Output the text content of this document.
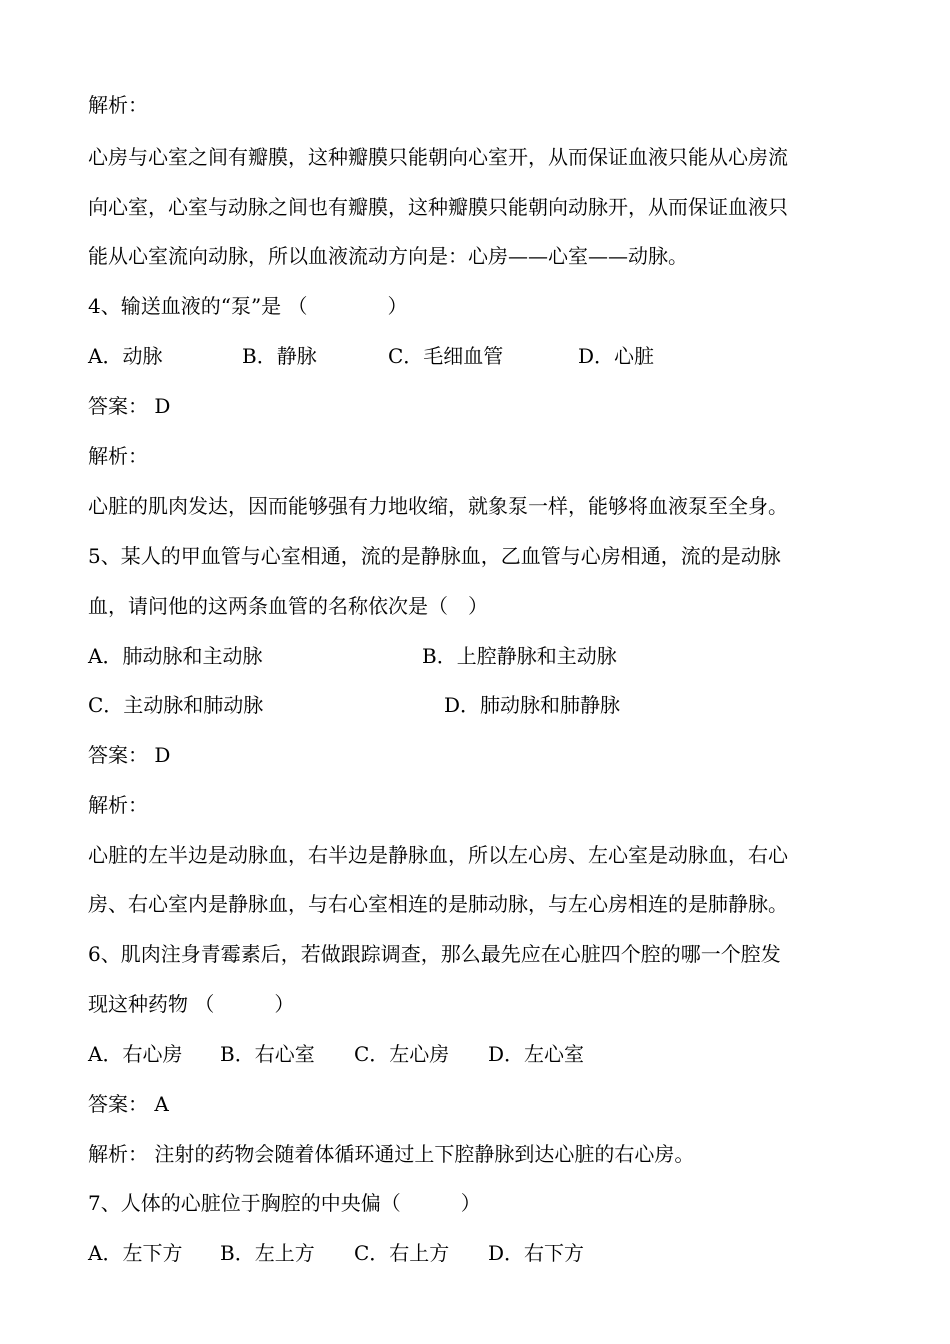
解析：
心房与心室之间有瓣膜，这种瓣膜只能朝向心室开，从而保证血液只能从心房流
向心室，心室与动脉之间也有瓣膜，这种瓣膜只能朝向动脉开，从而保证血液只
能从心室流向动脉，所以血液流动方向是：心房——心室——动脉。
4、输送血液的“泵”是 （　　　　）
A．动脉	B．静脉	C．毛细血管	D．心脏
答案： D
解析：
心脏的肌肉发达，因而能够强有力地收缩，就象泵一样，能够将血液泵至全身。
5、某人的甲血管与心室相通，流的是静脉血，乙血管与心房相通，流的是动脉
血，请问他的这两条血管的名称依次是（　）
A．肺动脉和主动脉	B．上腔静脉和主动脉
C．主动脉和肺动脉	D．肺动脉和肺静脉
答案： D
解析：
心脏的左半边是动脉血，右半边是静脉血，所以左心房、左心室是动脉血，右心
房、右心室内是静脉血，与右心室相连的是肺动脉，与左心房相连的是肺静脉。
6、肌肉注身青霉素后，若做跟踪调查，那么最先应在心脏四个腔的哪一个腔发
现这种药物 （　　　）
A．右心房 B．右心室 C．左心房 D．左心室
答案： A
解析： 注射的药物会随着体循环通过上下腔静脉到达心脏的右心房。
7、人体的心脏位于胸腔的中央偏（　　　）
A．左下方 B．左上方 C．右上方 D．右下方
